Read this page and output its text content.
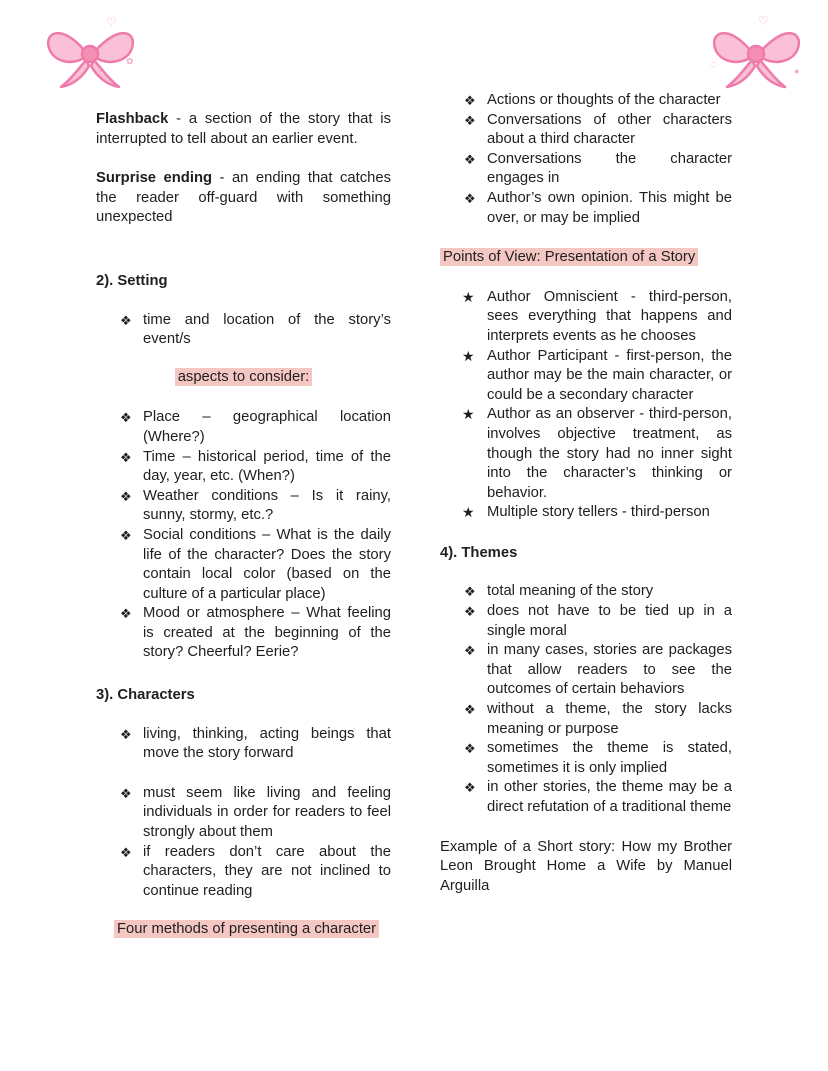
♡
✿
♡
●
♡

Flashback - a section of the story that is interrupted to tell about an earlier event.

Surprise ending - an ending that catches the reader off-guard with something unexpected

2). Setting

❖ time and location of the story’s event/s

aspects to consider:

❖ Place – geographical location (Where?)
❖ Time – historical period, time of the day, year, etc. (When?)
❖ Weather conditions – Is it rainy, sunny, stormy, etc.?
❖ Social conditions – What is the daily life of the character? Does the story contain local color (based on the culture of a particular place)
❖ Mood or atmosphere – What feeling is created at the beginning of the story? Cheerful? Eerie?

3). Characters

❖ living, thinking, acting beings that move the story forward
❖ must seem like living and feeling individuals in order for readers to feel strongly about them
❖ if readers don’t care about the characters, they are not inclined to continue reading

Four methods of presenting a character

❖ Actions or thoughts of the character
❖ Conversations of other characters about a third character
❖ Conversations the character engages in
❖ Author’s own opinion. This might be over, or may be implied

Points of View: Presentation of a Story

★ Author Omniscient - third-person, sees everything that happens and interprets events as he chooses
★ Author Participant - first-person, the author may be the main character, or could be a secondary character
★ Author as an observer - third-person, involves objective treatment, as though the story had no inner sight into the character’s thinking or behavior.
★ Multiple story tellers - third-person

4). Themes

❖ total meaning of the story
❖ does not have to be tied up in a single moral
❖ in many cases, stories are packages that allow readers to see the outcomes of certain behaviors
❖ without a theme, the story lacks meaning or purpose
❖ sometimes the theme is stated, sometimes it is only implied
❖ in other stories, the theme may be a direct refutation of a traditional theme

Example of a Short story: How my Brother Leon Brought Home a Wife by Manuel Arguilla
